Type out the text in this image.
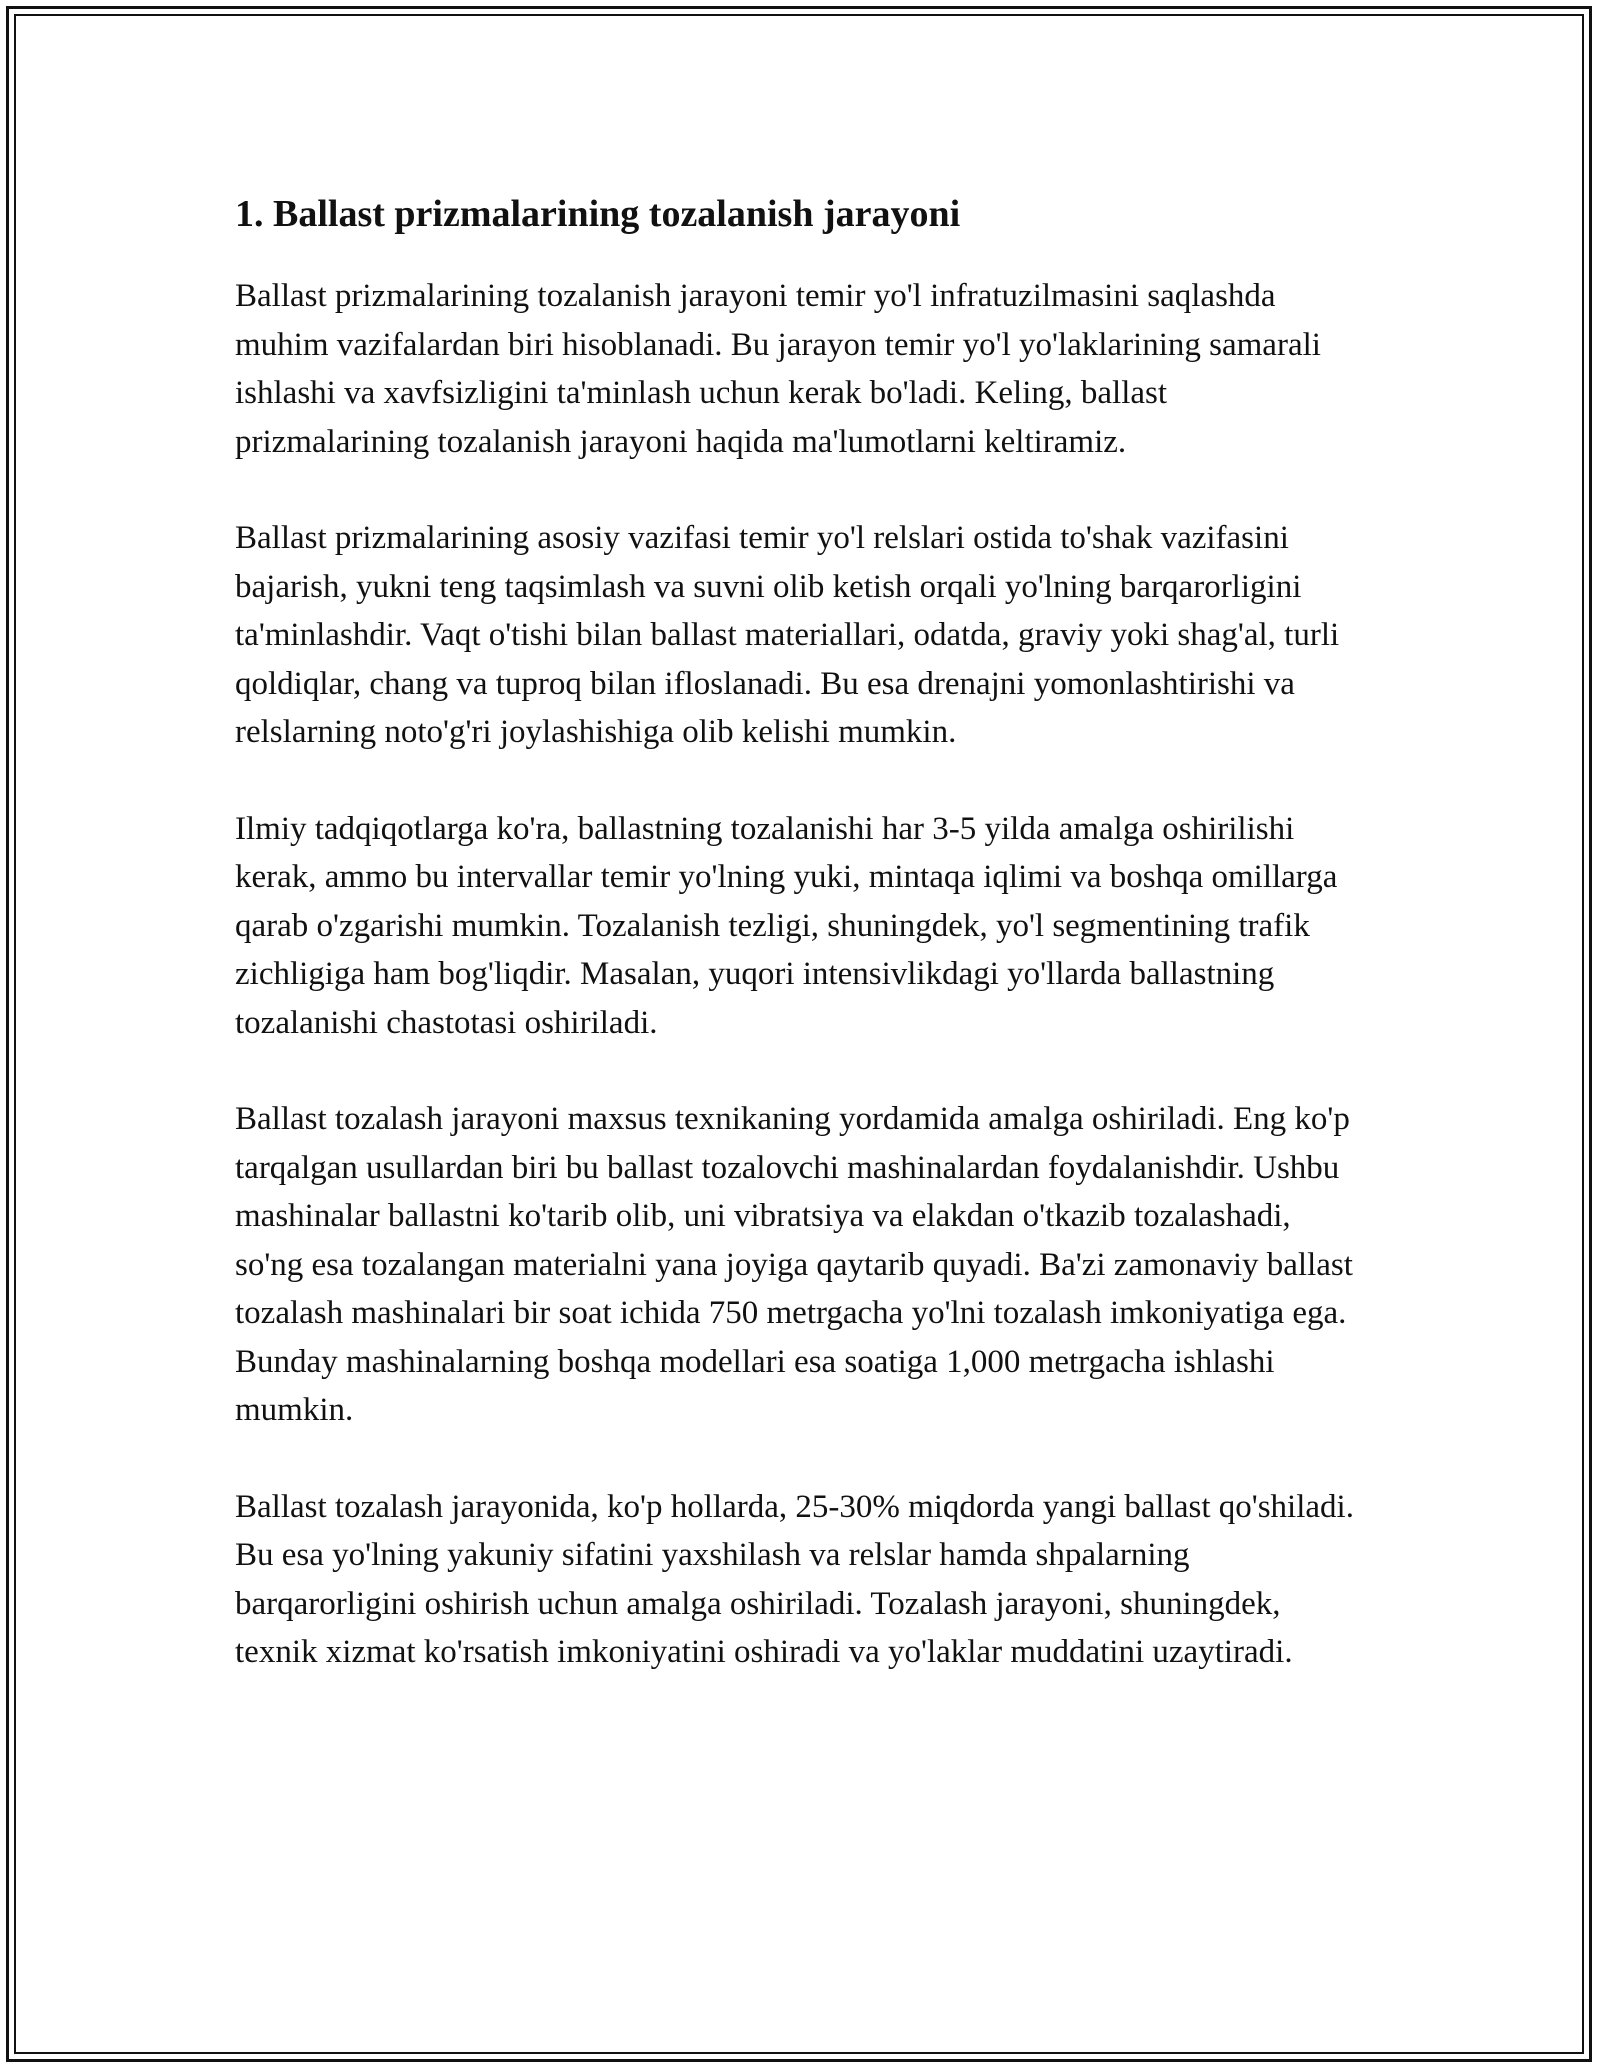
1. Ballast prizmalarining tozalanish jarayoni

Ballast prizmalarining tozalanish jarayoni temir yo'l infratuzilmasini saqlashda muhim vazifalardan biri hisoblanadi. Bu jarayon temir yo'l yo'laklarining samarali ishlashi va xavfsizligini ta'minlash uchun kerak bo'ladi. Keling, ballast prizmalarining tozalanish jarayoni haqida ma'lumotlarni keltiramiz.

Ballast prizmalarining asosiy vazifasi temir yo'l relslari ostida to'shak vazifasini bajarish, yukni teng taqsimlash va suvni olib ketish orqali yo'lning barqarorligini ta'minlashdir. Vaqt o'tishi bilan ballast materiallari, odatda, graviy yoki shag'al, turli qoldiqlar, chang va tuproq bilan ifloslanadi. Bu esa drenajni yomonlashtirishi va relslarning noto'g'ri joylashishiga olib kelishi mumkin.

Ilmiy tadqiqotlarga ko'ra, ballastning tozalanishi har 3-5 yilda amalga oshirilishi kerak, ammo bu intervallar temir yo'lning yuki, mintaqa iqlimi va boshqa omillarga qarab o'zgarishi mumkin. Tozalanish tezligi, shuningdek, yo'l segmentining trafik zichligiga ham bog'liqdir. Masalan, yuqori intensivlikdagi yo'llarda ballastning tozalanishi chastotasi oshiriladi.

Ballast tozalash jarayoni maxsus texnikaning yordamida amalga oshiriladi. Eng ko'p tarqalgan usullardan biri bu ballast tozalovchi mashinalardan foydalanishdir. Ushbu mashinalar ballastni ko'tarib olib, uni vibratsiya va elakdan o'tkazib tozalashadi, so'ng esa tozalangan materialni yana joyiga qaytarib quyadi. Ba'zi zamonaviy ballast tozalash mashinalari bir soat ichida 750 metrgacha yo'lni tozalash imkoniyatiga ega. Bunday mashinalarning boshqa modellari esa soatiga 1,000 metrgacha ishlashi mumkin.

Ballast tozalash jarayonida, ko'p hollarda, 25-30% miqdorda yangi ballast qo'shiladi. Bu esa yo'lning yakuniy sifatini yaxshilash va relslar hamda shpalarning barqarorligini oshirish uchun amalga oshiriladi. Tozalash jarayoni, shuningdek, texnik xizmat ko'rsatish imkoniyatini oshiradi va yo'laklar muddatini uzaytiradi.
